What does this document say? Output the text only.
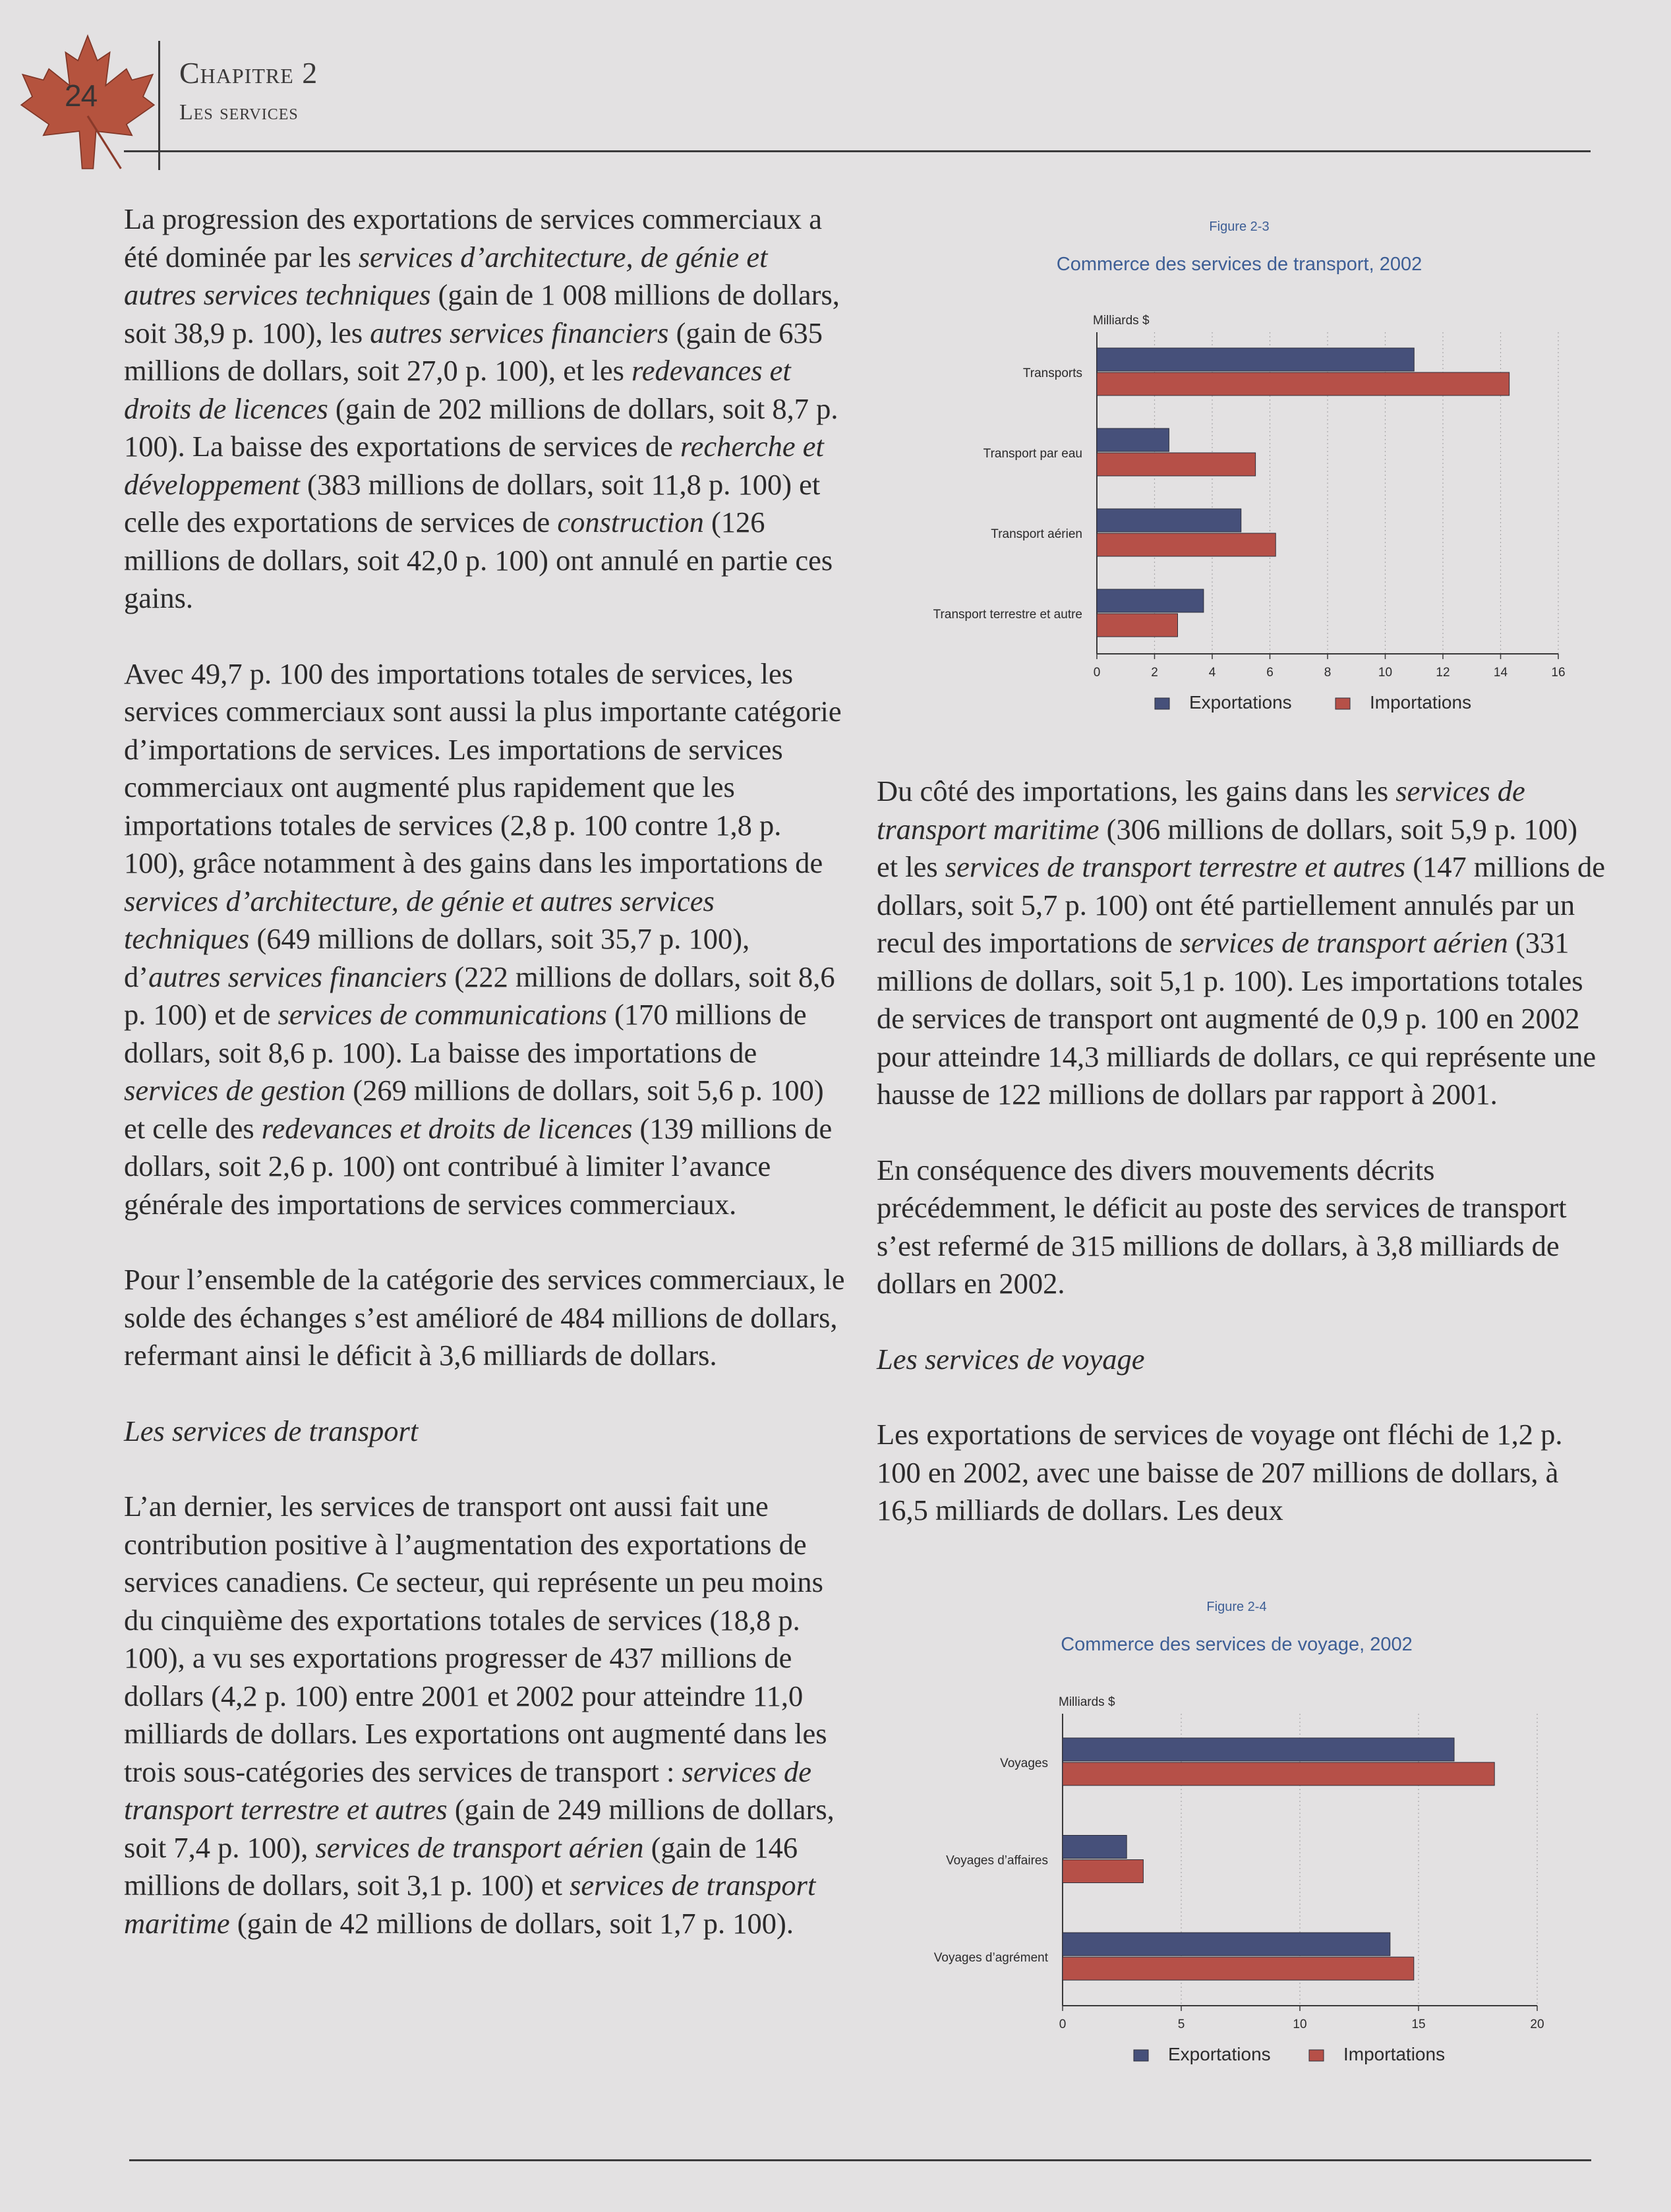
24
Chapitre 2
Les services

La progression des exportations de services commerciaux a été dominée par les services d’architecture, de génie et autres services techniques (gain de 1 008 millions de dollars, soit 38,9 p. 100), les autres services financiers (gain de 635 millions de dollars, soit 27,0 p. 100), et les redevances et droits de licences (gain de 202 millions de dollars, soit 8,7 p. 100). La baisse des exportations de services de recherche et développement (383 millions de dollars, soit 11,8 p. 100) et celle des exportations de services de construction (126 millions de dollars, soit 42,0 p. 100) ont annulé en partie ces gains.

Avec 49,7 p. 100 des importations totales de services, les services commerciaux sont aussi la plus importante catégorie d’importations de services. Les importations de services commerciaux ont augmenté plus rapidement que les importations totales de services (2,8 p. 100 contre 1,8 p. 100), grâce notamment à des gains dans les importations de services d’architecture, de génie et autres services techniques (649 millions de dollars, soit 35,7 p. 100), d’autres services financiers (222 millions de dollars, soit 8,6 p. 100) et de services de communications (170 millions de dollars, soit 8,6 p. 100). La baisse des importations de services de gestion (269 millions de dollars, soit 5,6 p. 100) et celle des redevances et droits de licences (139 millions de dollars, soit 2,6 p. 100) ont contribué à limiter l’avance générale des importations de services commerciaux.

Pour l’ensemble de la catégorie des services commerciaux, le solde des échanges s’est amélioré de 484 millions de dollars, refermant ainsi le déficit à 3,6 milliards de dollars.

Les services de transport

L’an dernier, les services de transport ont aussi fait une contribution positive à l’augmentation des exportations de services canadiens. Ce secteur, qui représente un peu moins du cinquième des exportations totales de services (18,8 p. 100), a vu ses exportations progresser de 437 millions de dollars (4,2 p. 100) entre 2001 et 2002 pour atteindre 11,0 milliards de dollars. Les exportations ont augmenté dans les trois sous-catégories des services de transport : services de transport terrestre et autres (gain de 249 millions de dollars, soit 7,4 p. 100), services de transport aérien (gain de 146 millions de dollars, soit 3,1 p. 100) et services de transport maritime (gain de 42 millions de dollars, soit 1,7 p. 100).

Figure 2-3
Commerce des services de transport, 2002
Milliards $
0	2	4	6	8	10	12	14	16
Transports
Transport par eau
Transport aérien
Transport terrestre et autre
Exportations	Importations

Du côté des importations, les gains dans les services de transport maritime (306 millions de dollars, soit 5,9 p. 100) et les services de transport terrestre et autres (147 millions de dollars, soit 5,7 p. 100) ont été partiellement annulés par un recul des importations de services de transport aérien (331 millions de dollars, soit 5,1 p. 100). Les importations totales de services de transport ont augmenté de 0,9 p. 100 en 2002 pour atteindre 14,3 milliards de dollars, ce qui représente une hausse de 122 millions de dollars par rapport à 2001.

En conséquence des divers mouvements décrits précédemment, le déficit au poste des services de transport s’est refermé de 315 millions de dollars, à 3,8 milliards de dollars en 2002.

Les services de voyage

Les exportations de services de voyage ont fléchi de 1,2 p. 100 en 2002, avec une baisse de 207 millions de dollars, à 16,5 milliards de dollars. Les deux

Figure 2-4
Commerce des services de voyage, 2002
Milliards $
0	5	10	15	20
Voyages
Voyages d’affaires
Voyages d’agrément
Exportations	Importations
